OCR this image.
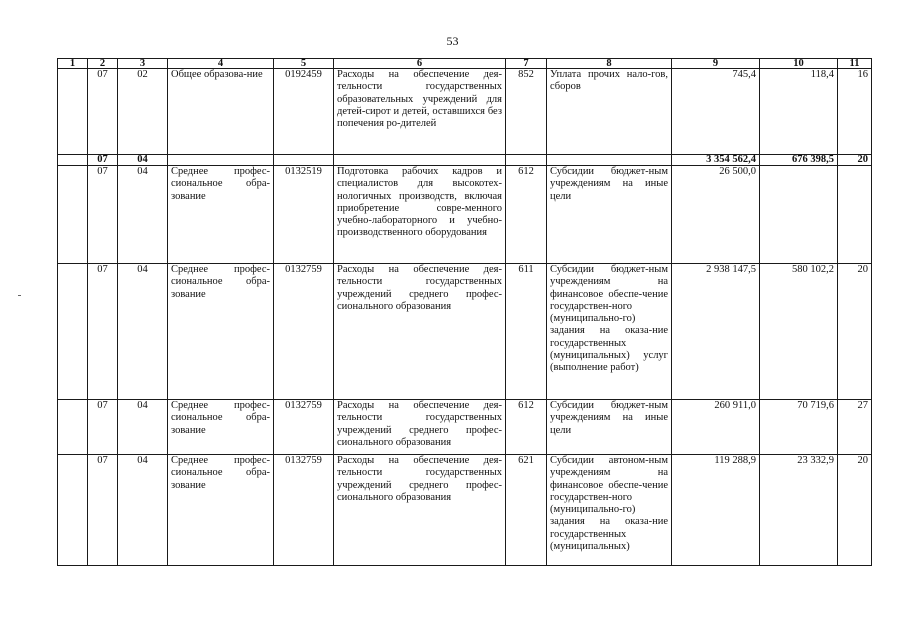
53
1	2	3	4	5	6	7	8	9	10	11
	07	02	Общее образова-ние	0192459	Расходы на обеспечение дея-тельности государственных образовательных учреждений для детей-сирот и детей, оставшихся без попечения ро-дителей	852	Уплата прочих нало-гов, сборов	745,4	118,4	16
	07	04						3 354 562,4	676 398,5	20
	07	04	Среднее профес-сиональное обра-зование	0132519	Подготовка рабочих кадров и специалистов для высокотех-нологичных производств, включая приобретение совре-менного учебно-лабораторного и учебно-производственного оборудования	612	Субсидии бюджет-ным учреждениям на иные цели	26 500,0		
	07	04	Среднее профес-сиональное обра-зование	0132759	Расходы на обеспечение дея-тельности государственных учреждений среднего профес-сионального образования	611	Субсидии бюджет-ным учреждениям на финансовое обеспе-чение государствен-ного (муниципально-го) задания на оказа-ние государственных (муниципальных) услуг (выполнение работ)	2 938 147,5	580 102,2	20
	07	04	Среднее профес-сиональное обра-зование	0132759	Расходы на обеспечение дея-тельности государственных учреждений среднего профес-сионального образования	612	Субсидии бюджет-ным учреждениям на иные цели	260 911,0	70 719,6	27
	07	04	Среднее профес-сиональное обра-зование	0132759	Расходы на обеспечение дея-тельности государственных учреждений среднего профес-сионального образования	621	Субсидии автоном-ным учреждениям на финансовое обеспе-чение государствен-ного (муниципально-го) задания на оказа-ние государственных (муниципальных)	119 288,9	23 332,9	20
